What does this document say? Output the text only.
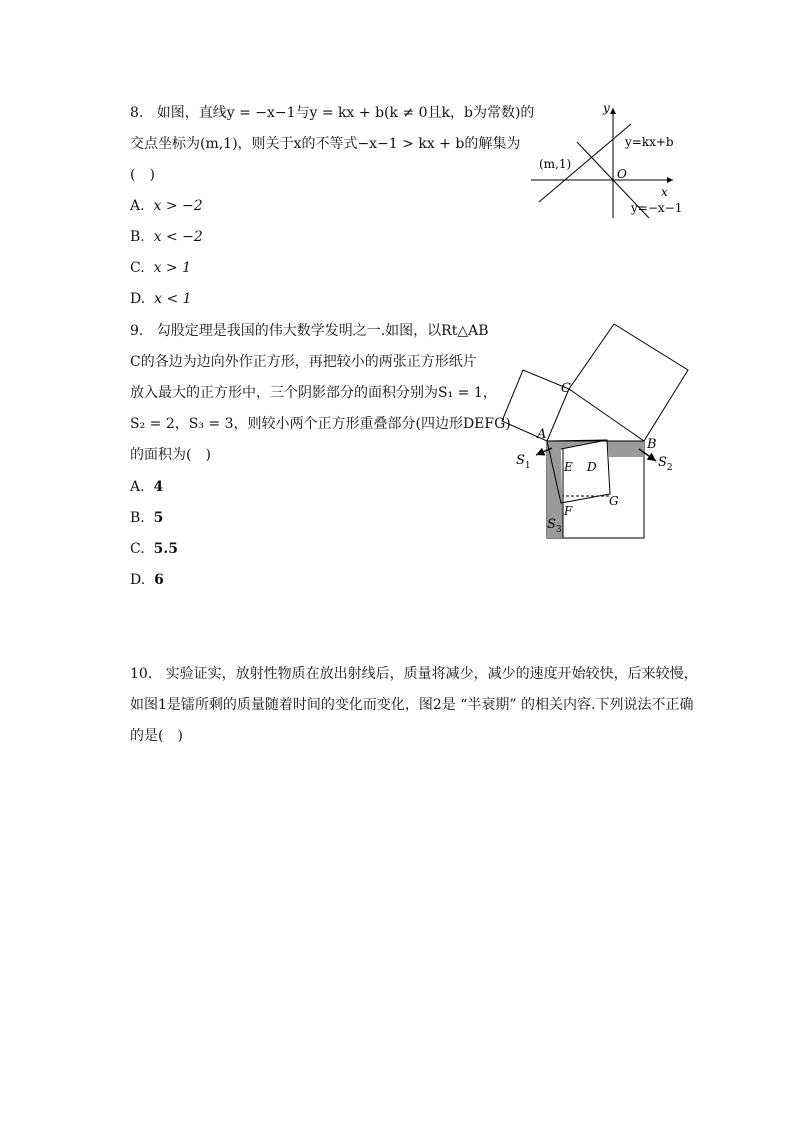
8. 如图，直线y = −x−1与y = kx + b(k ≠ 0且k，b为常数)的
交点坐标为(m,1)，则关于x的不等式−x−1 > kx + b的解集为
(　)
A. x > −2
B. x < −2
C. x > 1
D. x < 1
y
x
O
(m,1)
y=kx+b
y=−x−1
9. 勾股定理是我国的伟大数学发明之一.如图，以Rt△AB
C的各边为边向外作正方形，再把较小的两张正方形纸片
放入最大的正方形中，三个阴影部分的面积分别为S₁ = 1，
S₂ = 2，S₃ = 3，则较小两个正方形重叠部分(四边形DEFG)
的面积为(　)
A. 4
B. 5
C. 5.5
D. 6
C
A
B
E D
G
F
$S_1$	$S_2$
$S_3$
10. 实验证实，放射性物质在放出射线后，质量将减少，减少的速度开始较快，后来较慢，
如图1是镭所剩的质量随着时间的变化而变化，图2是 “半衰期” 的相关内容.下列说法不正确
的是(　)
